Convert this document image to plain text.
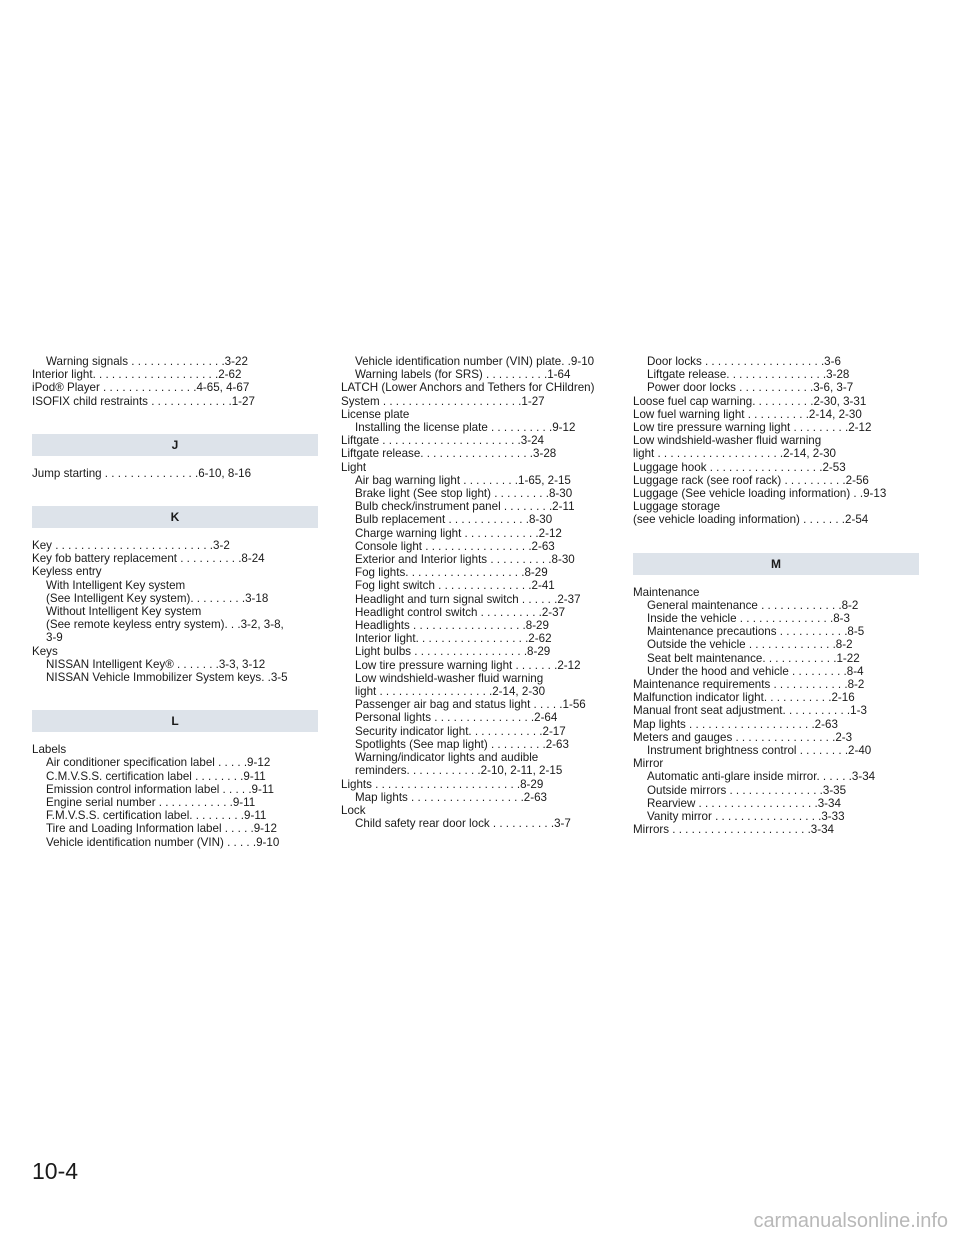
Warning signals . . . . . . . . . . . . . . .3-22
Interior light. . . . . . . . . . . . . . . . . . . .2-62
iPod® Player . . . . . . . . . . . . . . .4-65, 4-67
ISOFIX child restraints . . . . . . . . . . . . .1-27
J
Jump starting . . . . . . . . . . . . . . .6-10, 8-16
K
Key . . . . . . . . . . . . . . . . . . . . . . . . .3-2
Key fob battery replacement . . . . . . . . . .8-24
Keyless entry
With Intelligent Key system
(See Intelligent Key system). . . . . . . . .3-18
Without Intelligent Key system
(See remote keyless entry system). . .3-2, 3-8,
3-9
Keys
NISSAN Intelligent Key® . . . . . . .3-3, 3-12
NISSAN Vehicle Immobilizer System keys. .3-5
L
Labels
Air conditioner specification label . . . . .9-12
C.M.V.S.S. certification label . . . . . . . .9-11
Emission control information label . . . . .9-11
Engine serial number . . . . . . . . . . . .9-11
F.M.V.S.S. certification label. . . . . . . . .9-11
Tire and Loading Information label . . . . .9-12
Vehicle identification number (VIN) . . . . .9-10
Vehicle identification number (VIN) plate. .9-10
Warning labels (for SRS) . . . . . . . . . .1-64
LATCH (Lower Anchors and Tethers for CHildren)
System . . . . . . . . . . . . . . . . . . . . . .1-27
License plate
Installing the license plate . . . . . . . . . .9-12
Liftgate . . . . . . . . . . . . . . . . . . . . . .3-24
Liftgate release. . . . . . . . . . . . . . . . . .3-28
Light
Air bag warning light . . . . . . . . .1-65, 2-15
Brake light (See stop light) . . . . . . . . .8-30
Bulb check/instrument panel . . . . . . . .2-11
Bulb replacement . . . . . . . . . . . . .8-30
Charge warning light . . . . . . . . . . . .2-12
Console light . . . . . . . . . . . . . . . . .2-63
Exterior and Interior lights . . . . . . . . . .8-30
Fog lights. . . . . . . . . . . . . . . . . . .8-29
Fog light switch . . . . . . . . . . . . . . .2-41
Headlight and turn signal switch . . . . . .2-37
Headlight control switch . . . . . . . . . .2-37
Headlights . . . . . . . . . . . . . . . . . .8-29
Interior light. . . . . . . . . . . . . . . . . .2-62
Light bulbs . . . . . . . . . . . . . . . . . .8-29
Low tire pressure warning light . . . . . . .2-12
Low windshield-washer fluid warning
light . . . . . . . . . . . . . . . . . .2-14, 2-30
Passenger air bag and status light . . . . .1-56
Personal lights . . . . . . . . . . . . . . . .2-64
Security indicator light. . . . . . . . . . . .2-17
Spotlights (See map light) . . . . . . . . .2-63
Warning/indicator lights and audible
reminders. . . . . . . . . . . .2-10, 2-11, 2-15
Lights . . . . . . . . . . . . . . . . . . . . . . .8-29
Map lights . . . . . . . . . . . . . . . . . .2-63
Lock
Child safety rear door lock . . . . . . . . . .3-7
Door locks . . . . . . . . . . . . . . . . . . .3-6
Liftgate release. . . . . . . . . . . . . . . .3-28
Power door locks . . . . . . . . . . . .3-6, 3-7
Loose fuel cap warning. . . . . . . . . .2-30, 3-31
Low fuel warning light . . . . . . . . . .2-14, 2-30
Low tire pressure warning light . . . . . . . . .2-12
Low windshield-washer fluid warning
light . . . . . . . . . . . . . . . . . . . .2-14, 2-30
Luggage hook . . . . . . . . . . . . . . . . . .2-53
Luggage rack (see roof rack) . . . . . . . . . .2-56
Luggage (See vehicle loading information) . .9-13
Luggage storage
(see vehicle loading information) . . . . . . .2-54
M
Maintenance
General maintenance . . . . . . . . . . . . .8-2
Inside the vehicle . . . . . . . . . . . . . . .8-3
Maintenance precautions . . . . . . . . . . .8-5
Outside the vehicle . . . . . . . . . . . . . .8-2
Seat belt maintenance. . . . . . . . . . . .1-22
Under the hood and vehicle . . . . . . . . .8-4
Maintenance requirements . . . . . . . . . . . .8-2
Malfunction indicator light. . . . . . . . . . .2-16
Manual front seat adjustment. . . . . . . . . . .1-3
Map lights . . . . . . . . . . . . . . . . . . . .2-63
Meters and gauges . . . . . . . . . . . . . . . .2-3
Instrument brightness control . . . . . . . .2-40
Mirror
Automatic anti-glare inside mirror. . . . . .3-34
Outside mirrors . . . . . . . . . . . . . . .3-35
Rearview . . . . . . . . . . . . . . . . . . .3-34
Vanity mirror . . . . . . . . . . . . . . . . .3-33
Mirrors . . . . . . . . . . . . . . . . . . . . . .3-34
10-4
carmanualsonline.info
